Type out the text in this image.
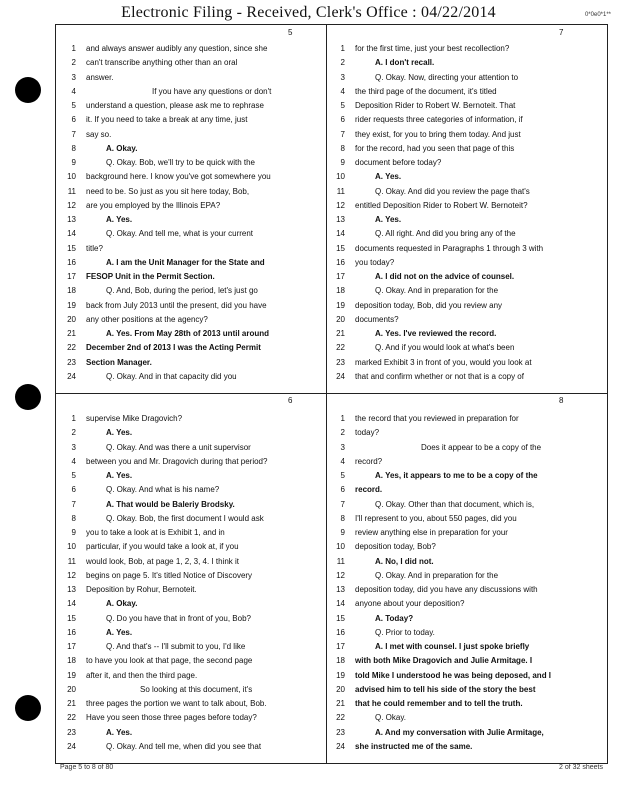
Electronic Filing - Received, Clerk's Office : 04/22/2014	0*0e0*1**
5
1 and always answer audibly any question, since she
2 can't transcribe anything other than an oral
3 answer.
4	If you have any questions or don't
5 understand a question, please ask me to rephrase
6 it. If you need to take a break at any time, just
7 say so.
8	A. Okay.
9	Q. Okay. Bob, we'll try to be quick with the
10 background here. I know you've got somewhere you
11 need to be. So just as you sit here today, Bob,
12 are you employed by the Illinois EPA?
13	A. Yes.
14	Q. Okay. And tell me, what is your current
15 title?
16	A. I am the Unit Manager for the State and
17 FESOP Unit in the Permit Section.
18	Q. And, Bob, during the period, let's just go
19 back from July 2013 until the present, did you have
20 any other positions at the agency?
21	A. Yes. From May 28th of 2013 until around
22 December 2nd of 2013 I was the Acting Permit
23 Section Manager.
24	Q. Okay. And in that capacity did you
7
1 for the first time, just your best recollection?
2	A. I don't recall.
3	Q. Okay. Now, directing your attention to
4 the third page of the document, it's titled
5 Deposition Rider to Robert W. Bernoteit. That
6 rider requests three categories of information, if
7 they exist, for you to bring them today. And just
8 for the record, had you seen that page of this
9 document before today?
10	A. Yes.
11	Q. Okay. And did you review the page that's
12 entitled Deposition Rider to Robert W. Bernoteit?
13	A. Yes.
14	Q. All right. And did you bring any of the
15 documents requested in Paragraphs 1 through 3 with
16 you today?
17	A. I did not on the advice of counsel.
18	Q. Okay. And in preparation for the
19 deposition today, Bob, did you review any
20 documents?
21	A. Yes. I've reviewed the record.
22	Q. And if you would look at what's been
23 marked Exhibit 3 in front of you, would you look at
24 that and confirm whether or not that is a copy of
6
1 supervise Mike Dragovich?
2	A. Yes.
3	Q. Okay. And was there a unit supervisor
4 between you and Mr. Dragovich during that period?
5	A. Yes.
6	Q. Okay. And what is his name?
7	A. That would be Baleriy Brodsky.
8	Q. Okay. Bob, the first document I would ask
9 you to take a look at is Exhibit 1, and in
10 particular, if you would take a look at, if you
11 would look, Bob, at page 1, 2, 3, 4. I think it
12 begins on page 5. It's titled Notice of Discovery
13 Deposition by Rohur, Bernoteit.
14	A. Okay.
15	Q. Do you have that in front of you, Bob?
16	A. Yes.
17	Q. And that's -- I'll submit to you, I'd like
18 to have you look at that page, the second page
19 after it, and then the third page.
20	So looking at this document, it's
21 three pages the portion we want to talk about, Bob.
22 Have you seen those three pages before today?
23	A. Yes.
24	Q. Okay. And tell me, when did you see that
8
1 the record that you reviewed in preparation for
2 today?
3	Does it appear to be a copy of the
4 record?
5	A. Yes, it appears to me to be a copy of the
6 record.
7	Q. Okay. Other than that document, which is,
8 I'll represent to you, about 550 pages, did you
9 review anything else in preparation for your
10 deposition today, Bob?
11	A. No, I did not.
12	Q. Okay. And in preparation for the
13 deposition today, did you have any discussions with
14 anyone about your deposition?
15	A. Today?
16	Q. Prior to today.
17	A. I met with counsel. I just spoke briefly
18 with both Mike Dragovich and Julie Armitage. I
19 told Mike I understood he was being deposed, and I
20 advised him to tell his side of the story the best
21 that he could remember and to tell the truth.
22	Q. Okay.
23	A. And my conversation with Julie Armitage,
24 she instructed me of the same.
Page 5 to 8 of 80	2 of 32 sheets
